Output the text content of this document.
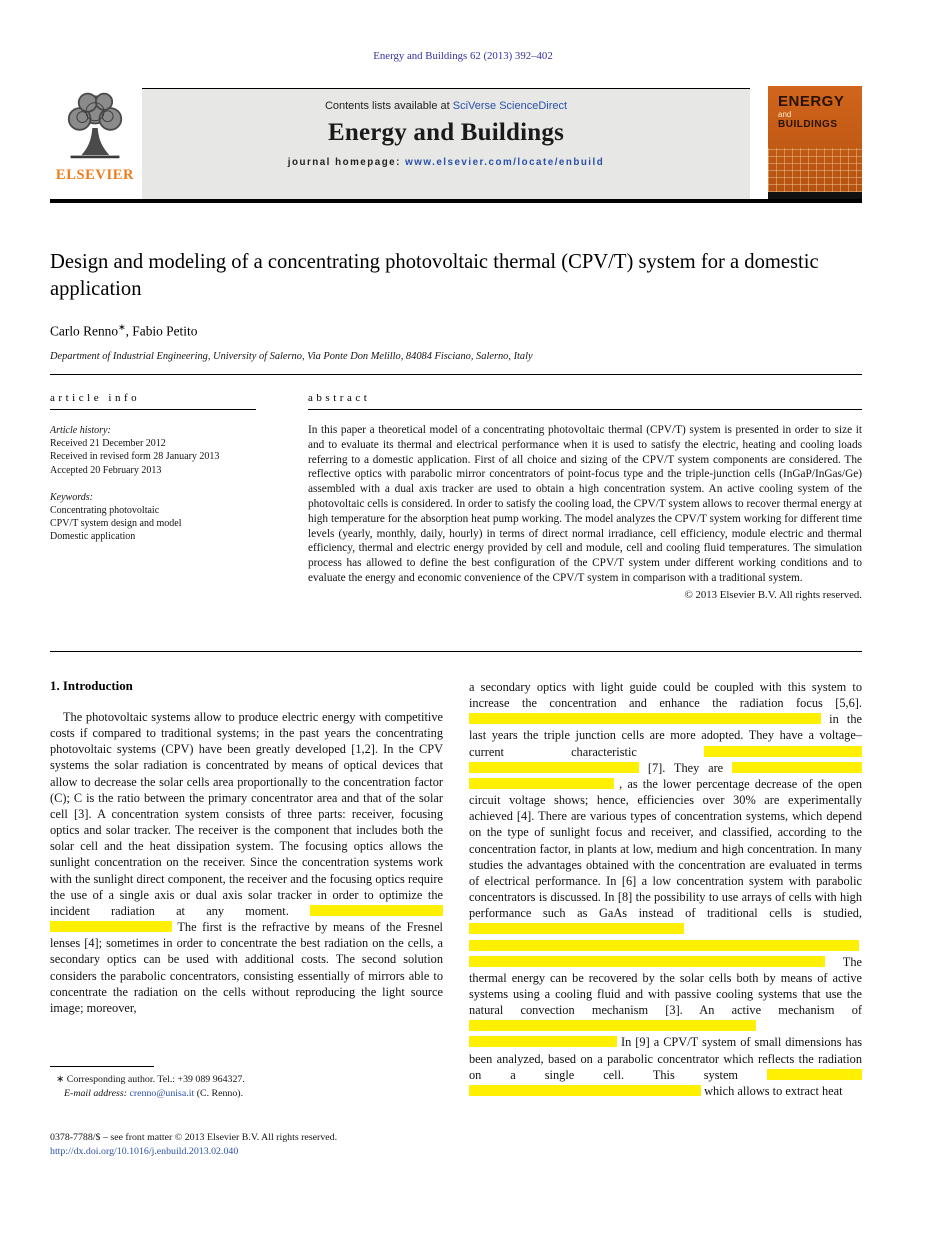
Energy and Buildings 62 (2013) 392–402
ELSEVIER
Contents lists available at SciVerse ScienceDirect
Energy and Buildings
journal homepage: www.elsevier.com/locate/enbuild
ENERGY
and
BUILDINGS
Design and modeling of a concentrating photovoltaic thermal (CPV/T) system for a domestic application
Carlo Renno∗, Fabio Petito
Department of Industrial Engineering, University of Salerno, Via Ponte Don Melillo, 84084 Fisciano, Salerno, Italy
article info
Article history:
Received 21 December 2012
Received in revised form 28 January 2013
Accepted 20 February 2013
Keywords:
Concentrating photovoltaic
CPV/T system design and model
Domestic application
abstract

In this paper a theoretical model of a concentrating photovoltaic thermal (CPV/T) system is presented in order to size it and to evaluate its thermal and electrical performance when it is used to satisfy the electric, heating and cooling loads referring to a domestic application. First of all choice and sizing of the CPV/T system components are considered. The reflective optics with parabolic mirror concentrators of point-focus type and the triple-junction cells (InGaP/InGas/Ge) assembled with a dual axis tracker are used to obtain a high concentration system. An active cooling system of the photovoltaic cells is considered. In order to satisfy the cooling load, the CPV/T system allows to recover thermal energy at high temperature for the absorption heat pump working. The model analyzes the CPV/T system working for different time levels (yearly, monthly, daily, hourly) in terms of direct normal irradiance, cell efficiency, module electric and thermal efficiency, thermal and electric energy provided by cell and module, cell and cooling fluid temperatures. The simulation process has allowed to define the best configuration of the CPV/T system under different working conditions and to evaluate the energy and economic convenience of the CPV/T system in comparison with a traditional system.

© 2013 Elsevier B.V. All rights reserved.
1. Introduction

The photovoltaic systems allow to produce electric energy with competitive costs if compared to traditional systems; in the past years the concentrating photovoltaic systems (CPV) have been greatly developed [1,2]. In the CPV systems the solar radiation is concentrated by means of optical devices that allow to decrease the solar cells area proportionally to the concentration factor (C); C is the ratio between the primary concentrator area and that of the solar cell [3]. A concentration system consists of three parts: receiver, focusing optics and solar tracker. The receiver is the component that includes both the solar cell and the heat dissipation system. The focusing optics allows the sunlight concentration on the receiver. Since the concentration systems work with the sunlight direct component, the receiver and the focusing optics require the use of a single axis or dual axis solar tracker in order to optimize the incident radiation at any moment.   The first is the refractive by means of the Fresnel lenses [4]; sometimes in order to concentrate the best radiation on the cells, a secondary optics can be used with additional costs. The second solution considers the parabolic concentrators, consisting essentially of mirrors able to concentrate the radiation on the cells without reproducing the light source image; moreover,

a secondary optics with light guide could be coupled with this system to increase the concentration and enhance the radiation focus [5,6].  in the last years the triple junction cells are more adopted. They have a voltage–current characteristic   [7]. They are   , as the lower percentage decrease of the open circuit voltage shows; hence, efficiencies over 30% are experimentally achieved [4]. There are various types of concentration systems, which depend on the type of sunlight focus and receiver, and classified, according to the concentration factor, in plants at low, medium and high concentration. In many studies the advantages obtained with the concentration are evaluated in terms of electrical performance. In [6] a low concentration system with parabolic concentrators is discussed. In [8] the possibility to use arrays of cells with high performance such as GaAs instead of traditional cells is studied,    The thermal energy can be recovered by the solar cells both by means of active systems using a cooling fluid and with passive cooling systems that use the natural convection mechanism [3]. An active mechanism of   In [9] a CPV/T system of small dimensions has been analyzed, based on a parabolic concentrator which reflects the radiation on a single cell. This system   which allows to extract heat

∗ Corresponding author. Tel.: +39 089 964327.
E-mail address: crenno@unisa.it (C. Renno).
0378-7788/$ – see front matter © 2013 Elsevier B.V. All rights reserved.
http://dx.doi.org/10.1016/j.enbuild.2013.02.040
